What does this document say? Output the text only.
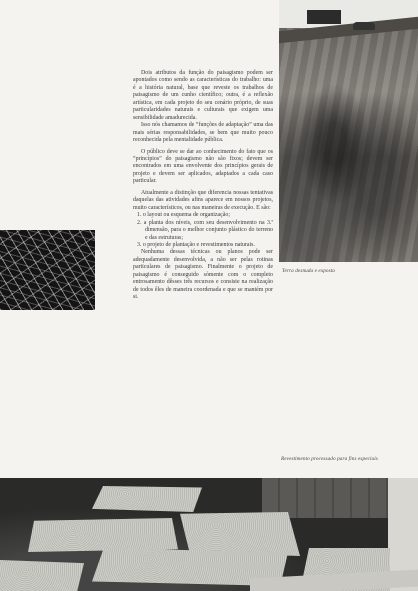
Terra desnuda e exposta

Dois atributos da função do paisagismo podem ser apontados como sendo as características do trabalho: uma é a história natural, base que reveste os trabalhos de paisagismo de um cunho científico; outra, é a reflexão artística, em cada projeto do seu cenário próprio, de suas particularidades naturais e culturais que exigem uma sensibilidade amadurecida.

Isso nós chamamos de “funções de adaptação” uma das mais sérias responsabilidades, se bem que muito pouco reconhecida pela mentalidade pública.

O público deve se dar ao conhecimento do fato que os “princípios” do paisagismo não são fixos; devem ser encontrados em uma envolvente dos princípios gerais de projeto e devem ser aplicados, adaptados a cada caso particular.

Atualmente a distinção que diferencia nossas tentativas daquelas das atividades afins aparece em nossos projetos, muito característicos, ou nas maneiras de execução. E são:

1. o layout ou esquema de organização;
2. a planta dos níveis, com seu desenvolvimento na 3.ª dimensão, para o melhor conjunto plástico do terreno e das estruturas;
3. o projeto de plantação e revestimentos naturais.

Nenhuma dessas técnicas ou planos pode ser adequadamente desenvolvida, a não ser pelas rotinas particulares de paisagismo. Finalmente o projeto de paisagismo é conseguido sòmente com o completo entrosamento dêsses três recursos e consiste na realização de todos êles de maneira coordenada e que se mantém por si.

Revestimento processado para fins especiais
